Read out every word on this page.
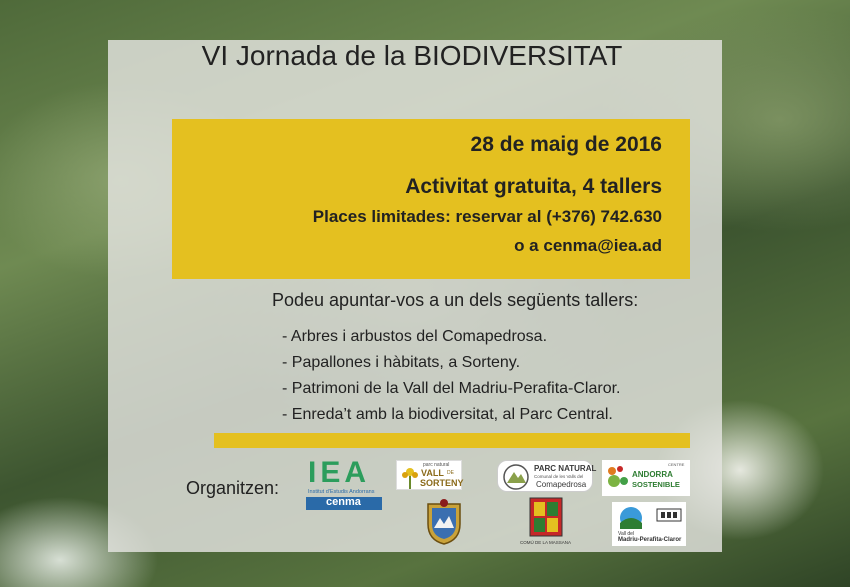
VI Jornada de la BIODIVERSITAT
28 de maig de 2016
Activitat gratuita, 4 tallers
Places limitades: reservar al (+376) 742.630
o a cenma@iea.ad
Podeu apuntar-vos a un dels següents tallers:
- Arbres i arbustos del Comapedrosa.
- Papallones i hàbitats, a Sorteny.
- Patrimoni de la Vall del Madriu-Perafita-Claror.
- Enreda’t amb la biodiversitat, al Parc Central.
Organitzen: IEA
Institut d'Estudis Andorrans
cenma
parc natural
VALL DE
SORTENY
PARC NATURAL
Comunal de les Valls del
Comapedrosa
CENTRE
ANDORRA
SOSTENIBLE
COMÚ DE LA MASSANA
Vall del
Madriu-Perafita-Claror
